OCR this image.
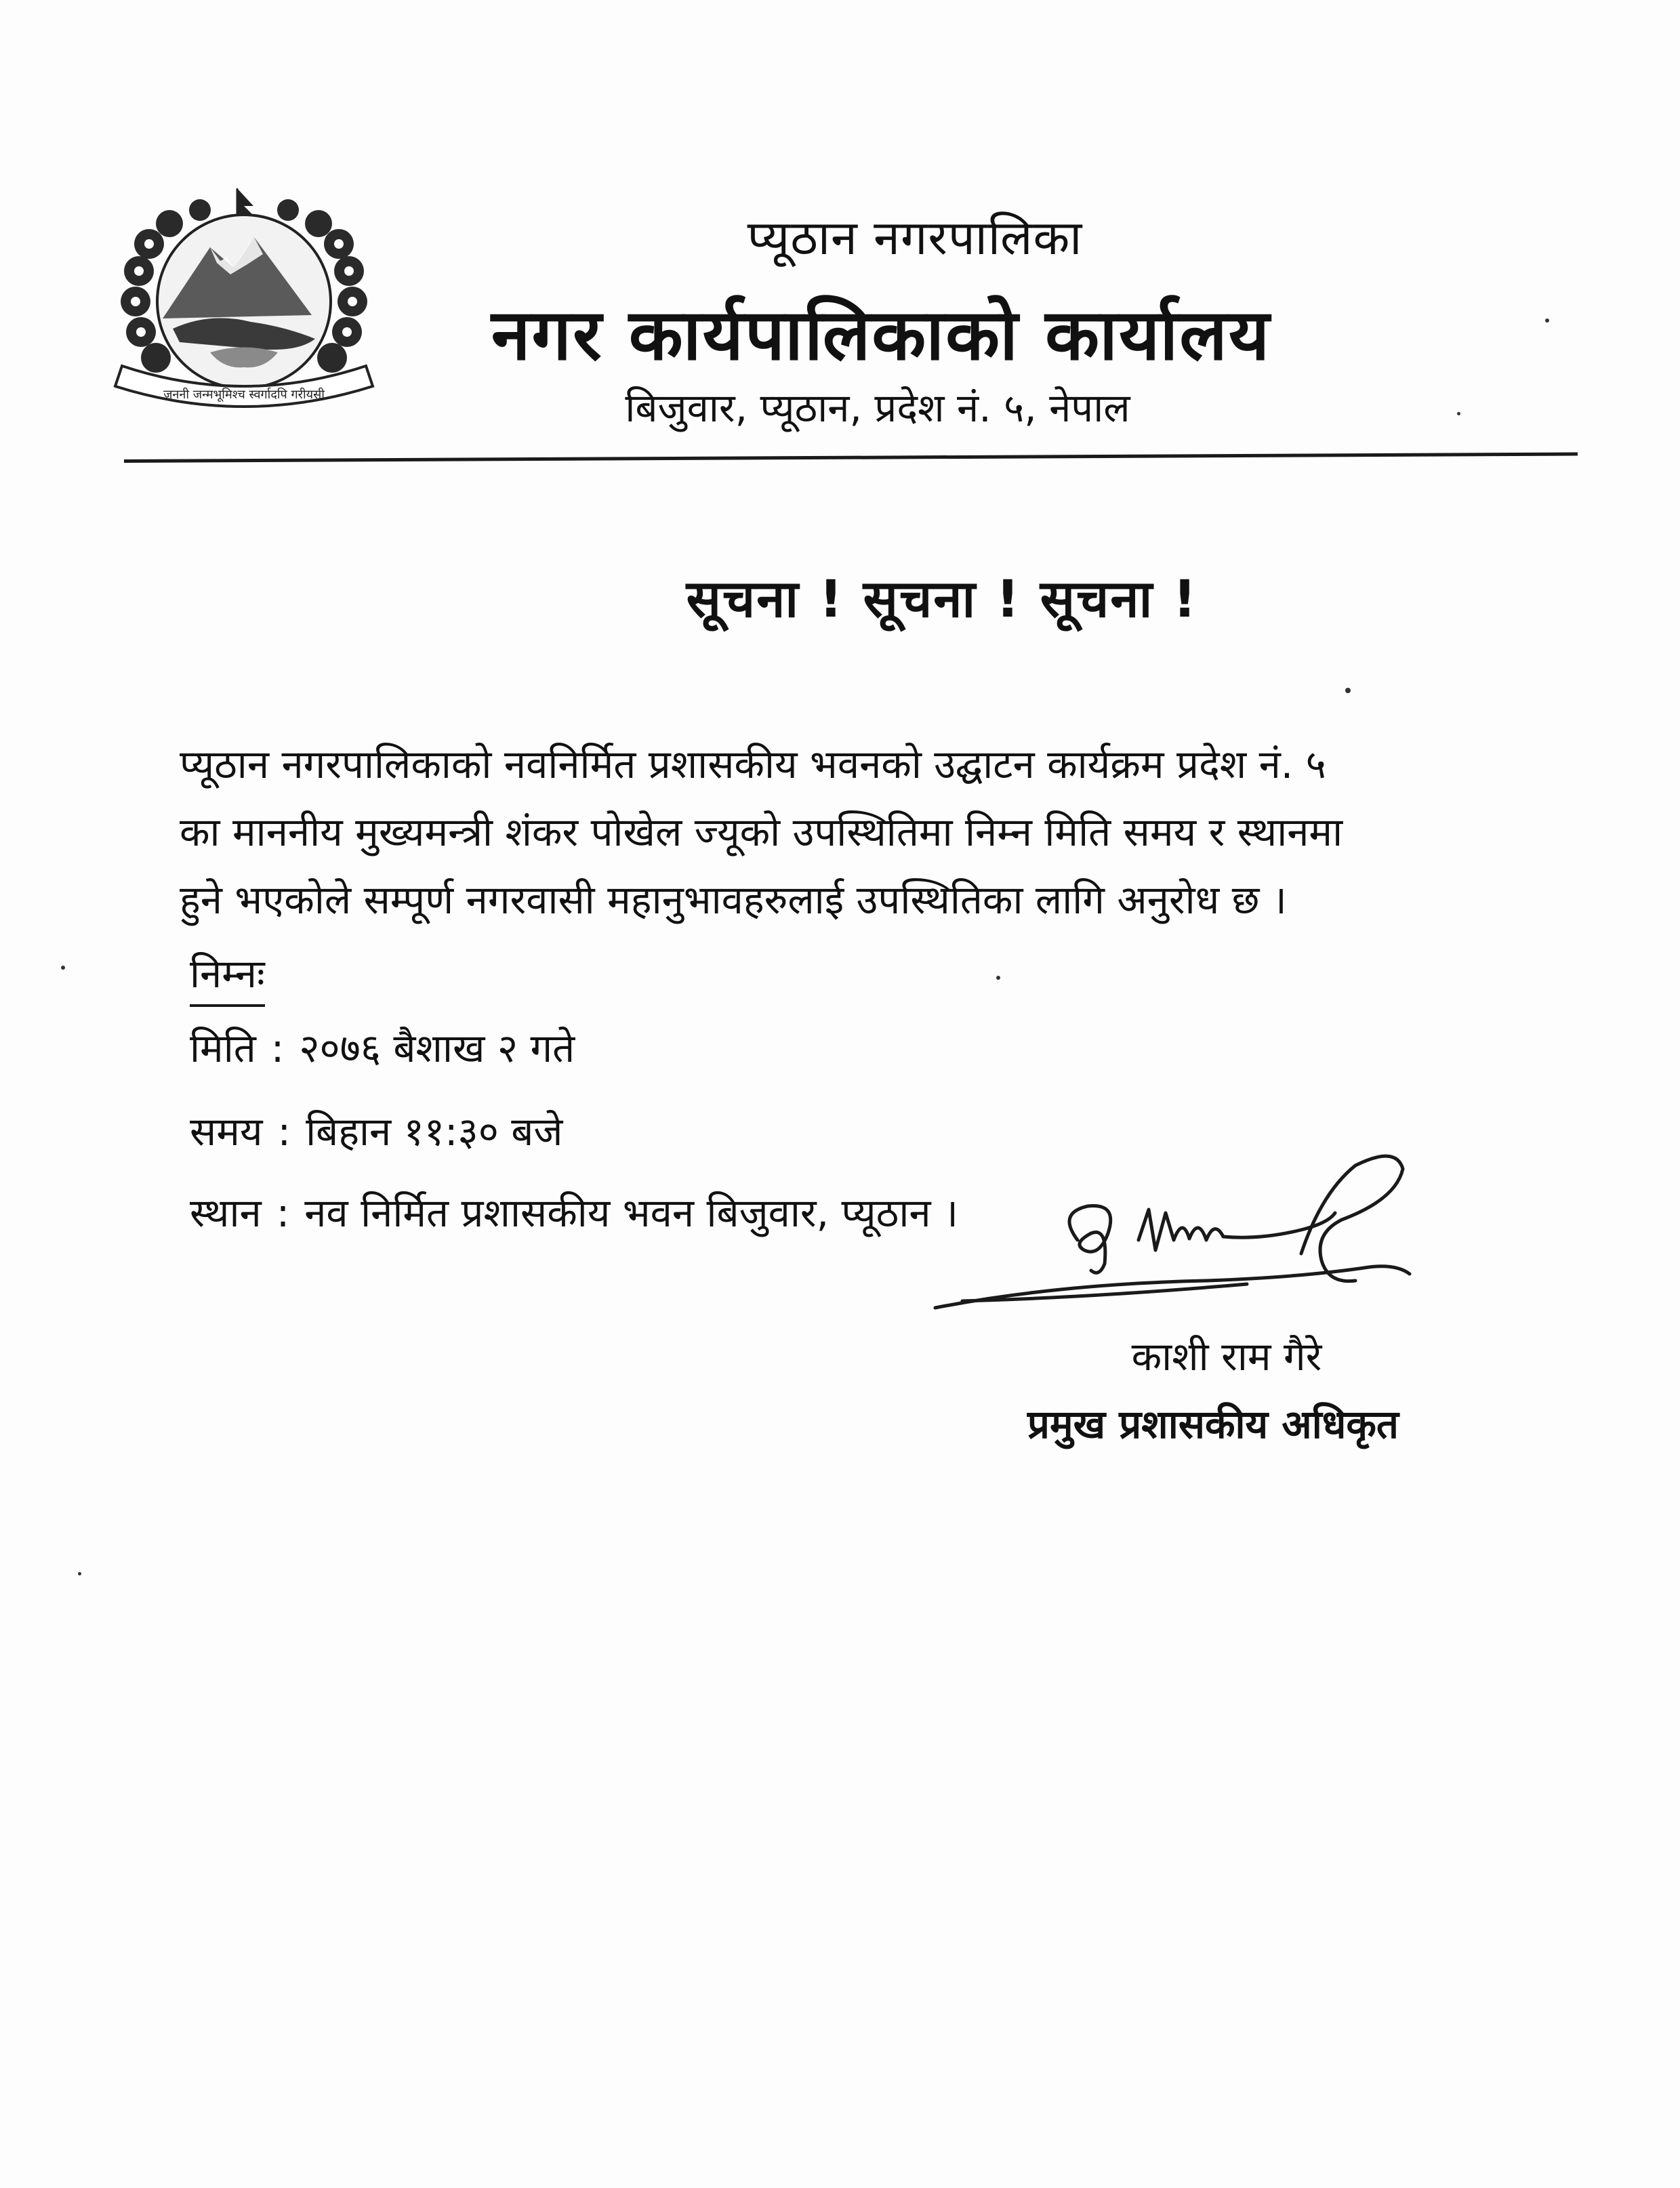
जननी जन्मभूमिश्च स्वर्गादपि गरीयसी
प्यूठान नगरपालिका
नगर कार्यपालिकाको कार्यालय
बिजुवार, प्यूठान, प्रदेश नं. ५, नेपाल
सूचना ! सूचना ! सूचना !
प्यूठान नगरपालिकाको नवनिर्मित प्रशासकीय भवनको उद्घाटन कार्यक्रम प्रदेश नं. ५
का माननीय मुख्यमन्त्री शंकर पोखेल ज्यूको उपस्थितिमा निम्न मिति समय र स्थानमा
हुने भएकोले सम्पूर्ण नगरवासी महानुभावहरुलाई उपस्थितिका लागि अनुरोध छ ।
निम्नः
मिति : २०७६ बैशाख २ गते
समय : बिहान ११:३० बजे
स्थान : नव निर्मित प्रशासकीय भवन बिजुवार, प्यूठान ।
काशी राम गैरे
प्रमुख प्रशासकीय अधिकृत
